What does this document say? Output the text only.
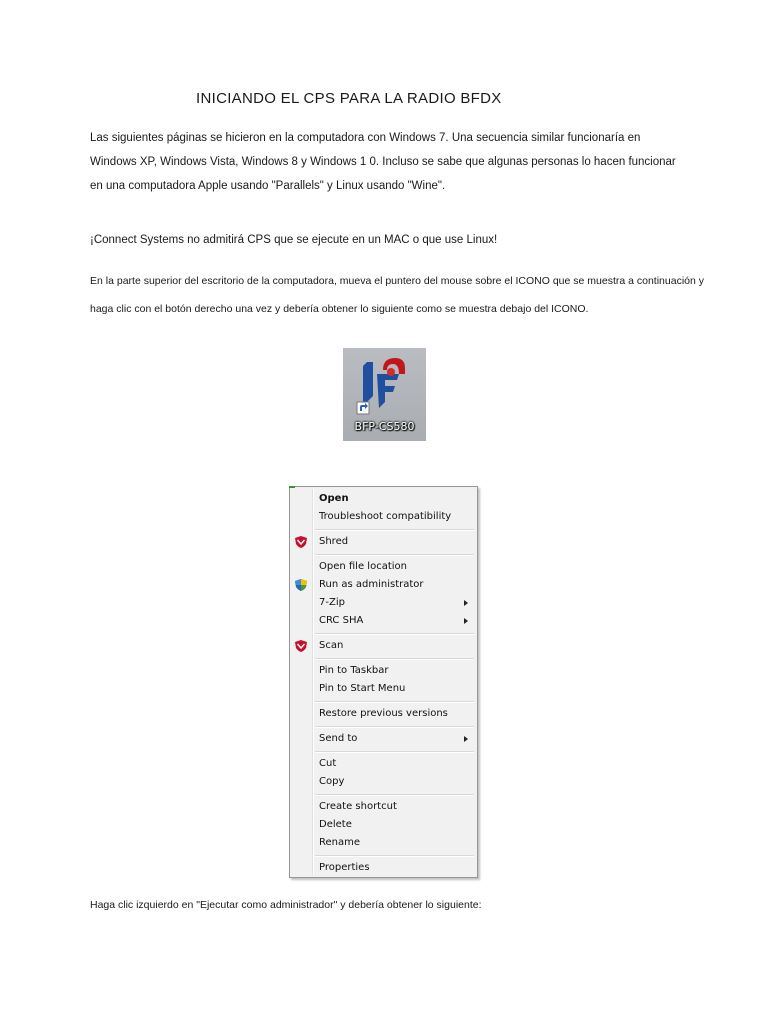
INICIANDO EL CPS PARA LA RADIO BFDX
Las siguientes páginas se hicieron en la computadora con Windows 7. Una secuencia similar funcionaría en Windows XP, Windows Vista, Windows 8 y Windows 1 0. Incluso se sabe que algunas personas lo hacen funcionar en una computadora Apple usando "Parallels" y Linux usando "Wine".
¡Connect Systems no admitirá CPS que se ejecute en un MAC o que use Linux!
En la parte superior del escritorio de la computadora, mueva el puntero del mouse sobre el ICONO que se muestra a continuación y haga clic con el botón derecho una vez y debería obtener lo siguiente como se muestra debajo del ICONO.
BFP-CS580
Open
Troubleshoot compatibility
Shred
Open file location
Run as administrator
7-Zip
CRC SHA
Scan
Pin to Taskbar
Pin to Start Menu
Restore previous versions
Send to
Cut
Copy
Create shortcut
Delete
Rename
Properties
Haga clic izquierdo en "Ejecutar como administrador" y debería obtener lo siguiente:
